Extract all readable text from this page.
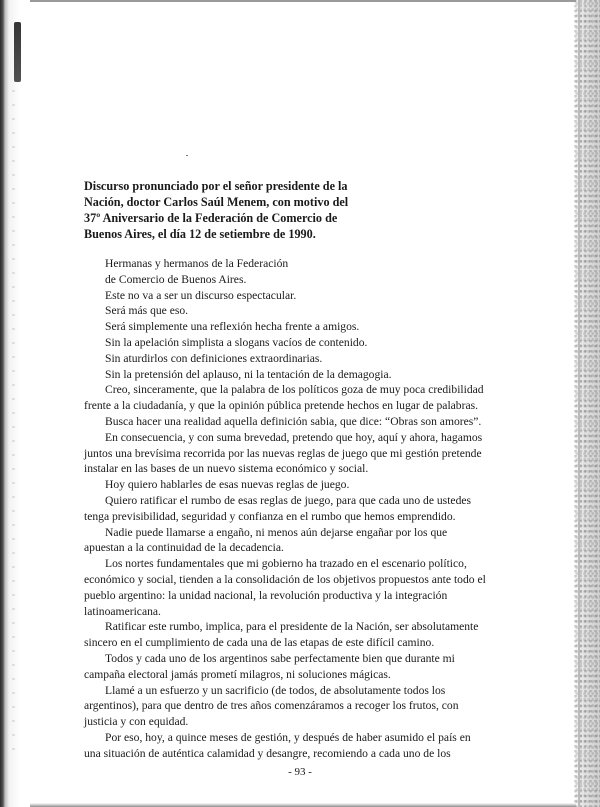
Discurso pronunciado por el señor presidente de la
Nación, doctor Carlos Saúl Menem, con motivo del
37º Aniversario de la Federación de Comercio de
Buenos Aires, el día 12 de setiembre de 1990.
Hermanas y hermanos de la Federación
de Comercio de Buenos Aires.
Este no va a ser un discurso espectacular.
Será más que eso.
Será simplemente una reflexión hecha frente a amigos.
Sin la apelación simplista a slogans vacíos de contenido.
Sin aturdirlos con definiciones extraordinarias.
Sin la pretensión del aplauso, ni la tentación de la demagogia.
Creo, sinceramente, que la palabra de los políticos goza de muy poca credibilidad
frente a la ciudadanía, y que la opinión pública pretende hechos en lugar de palabras.
Busca hacer una realidad aquella definición sabia, que dice: “Obras son amores”.
En consecuencia, y con suma brevedad, pretendo que hoy, aquí y ahora, hagamos
juntos una brevísima recorrida por las nuevas reglas de juego que mi gestión pretende
instalar en las bases de un nuevo sistema económico y social.
Hoy quiero hablarles de esas nuevas reglas de juego.
Quiero ratificar el rumbo de esas reglas de juego, para que cada uno de ustedes
tenga previsibilidad, seguridad y confianza en el rumbo que hemos emprendido.
Nadie puede llamarse a engaño, ni menos aún dejarse engañar por los que
apuestan a la continuidad de la decadencia.
Los nortes fundamentales que mi gobierno ha trazado en el escenario político,
económico y social, tienden a la consolidación de los objetivos propuestos ante todo el
pueblo argentino: la unidad nacional, la revolución productiva y la integración
latinoamericana.
Ratificar este rumbo, implica, para el presidente de la Nación, ser absolutamente
sincero en el cumplimiento de cada una de las etapas de este difícil camino.
Todos y cada uno de los argentinos sabe perfectamente bien que durante mi
campaña electoral jamás prometí milagros, ni soluciones mágicas.
Llamé a un esfuerzo y un sacrificio (de todos, de absolutamente todos los
argentinos), para que dentro de tres años comenzáramos a recoger los frutos, con
justicia y con equidad.
Por eso, hoy, a quince meses de gestión, y después de haber asumido el país en
una situación de auténtica calamidad y desangre, recomiendo a cada uno de los
- 93 -
